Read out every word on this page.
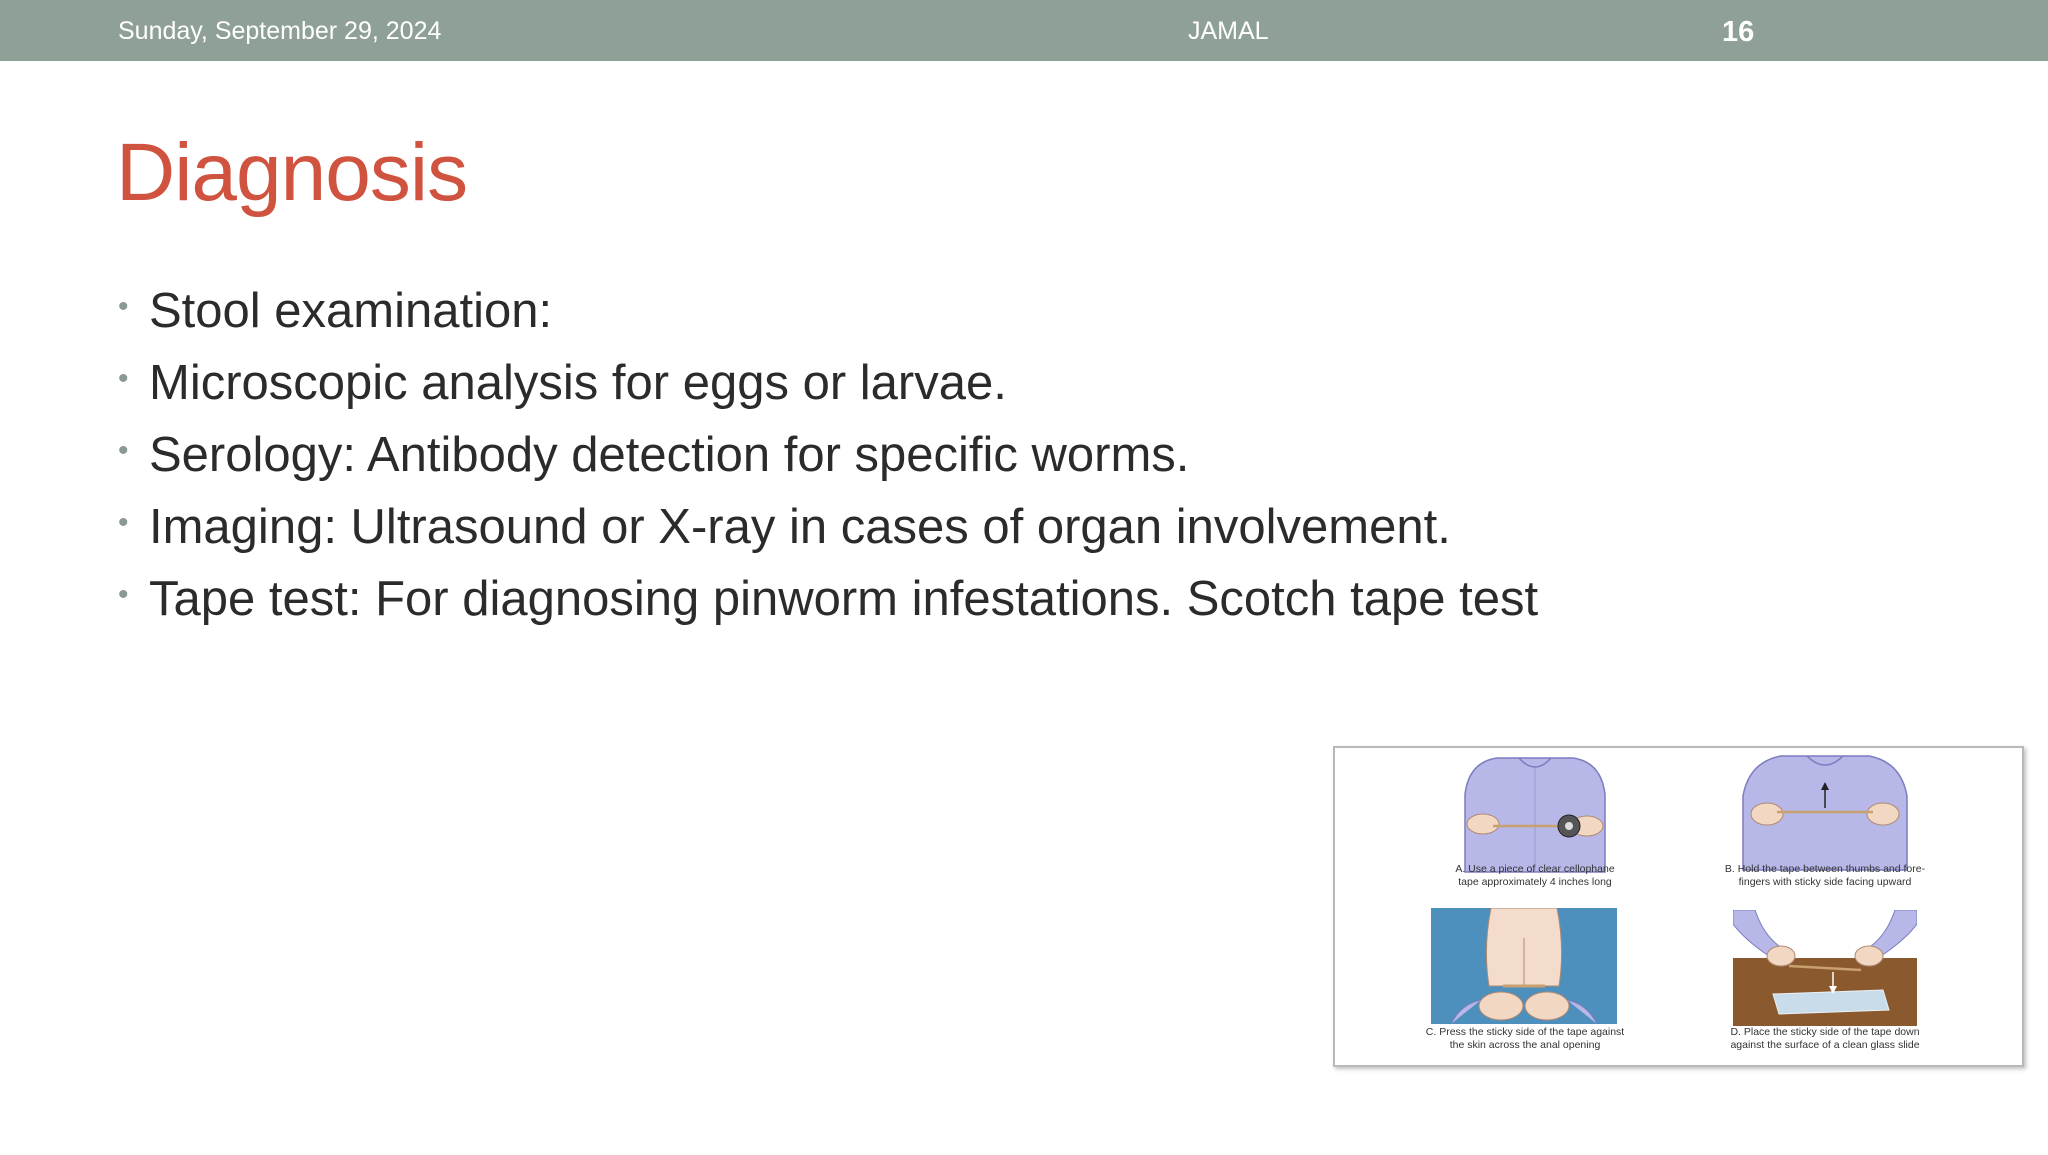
Sunday, September 29, 2024	JAMAL	16
Diagnosis
• Stool examination:
• Microscopic analysis for eggs or larvae.
• Serology: Antibody detection for specific worms.
• Imaging: Ultrasound or X-ray in cases of organ involvement.
• Tape test: For diagnosing pinworm infestations. Scotch tape test
A. Use a piece of clear cellophane
tape approximately 4 inches long
B. Hold the tape between thumbs and fore-
fingers with sticky side facing upward
C. Press the sticky side of the tape against
the skin across the anal opening
D. Place the sticky side of the tape down
against the surface of a clean glass slide
